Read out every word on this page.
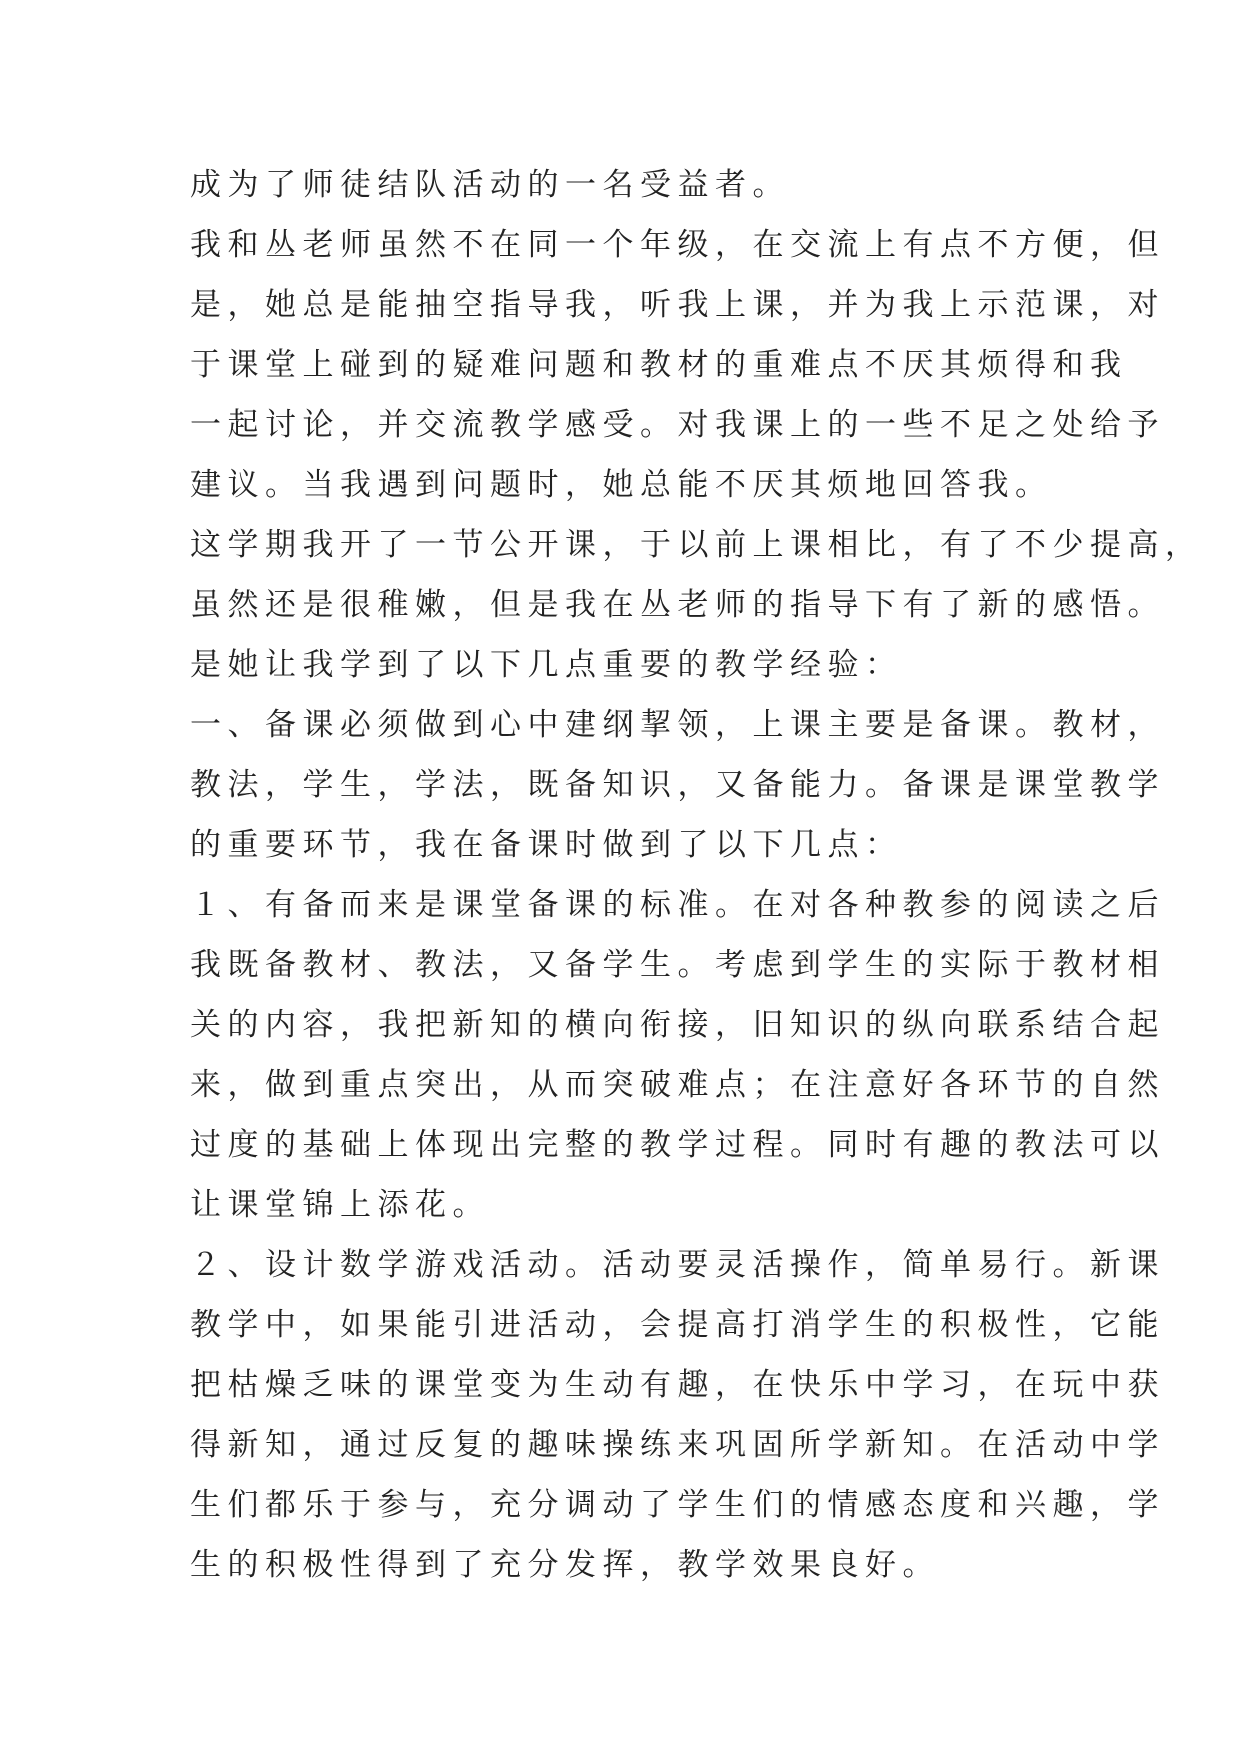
成为了师徒结队活动的一名受益者。
我和丛老师虽然不在同一个年级，在交流上有点不方便，但
是，她总是能抽空指导我，听我上课，并为我上示范课，对
于课堂上碰到的疑难问题和教材的重难点不厌其烦得和我
一起讨论，并交流教学感受。对我课上的一些不足之处给予
建议。当我遇到问题时，她总能不厌其烦地回答我。
这学期我开了一节公开课，于以前上课相比，有了不少提高，
虽然还是很稚嫩，但是我在丛老师的指导下有了新的感悟。
是她让我学到了以下几点重要的教学经验：
一、备课必须做到心中建纲挈领，上课主要是备课。教材，
教法，学生，学法，既备知识，又备能力。备课是课堂教学
的重要环节，我在备课时做到了以下几点：
１、有备而来是课堂备课的标准。在对各种教参的阅读之后
我既备教材、教法，又备学生。考虑到学生的实际于教材相
关的内容，我把新知的横向衔接，旧知识的纵向联系结合起
来，做到重点突出，从而突破难点；在注意好各环节的自然
过度的基础上体现出完整的教学过程。同时有趣的教法可以
让课堂锦上添花。
２、设计数学游戏活动。活动要灵活操作，简单易行。新课
教学中，如果能引进活动，会提高打消学生的积极性，它能
把枯燥乏味的课堂变为生动有趣，在快乐中学习，在玩中获
得新知，通过反复的趣味操练来巩固所学新知。在活动中学
生们都乐于参与，充分调动了学生们的情感态度和兴趣，学
生的积极性得到了充分发挥，教学效果良好。
